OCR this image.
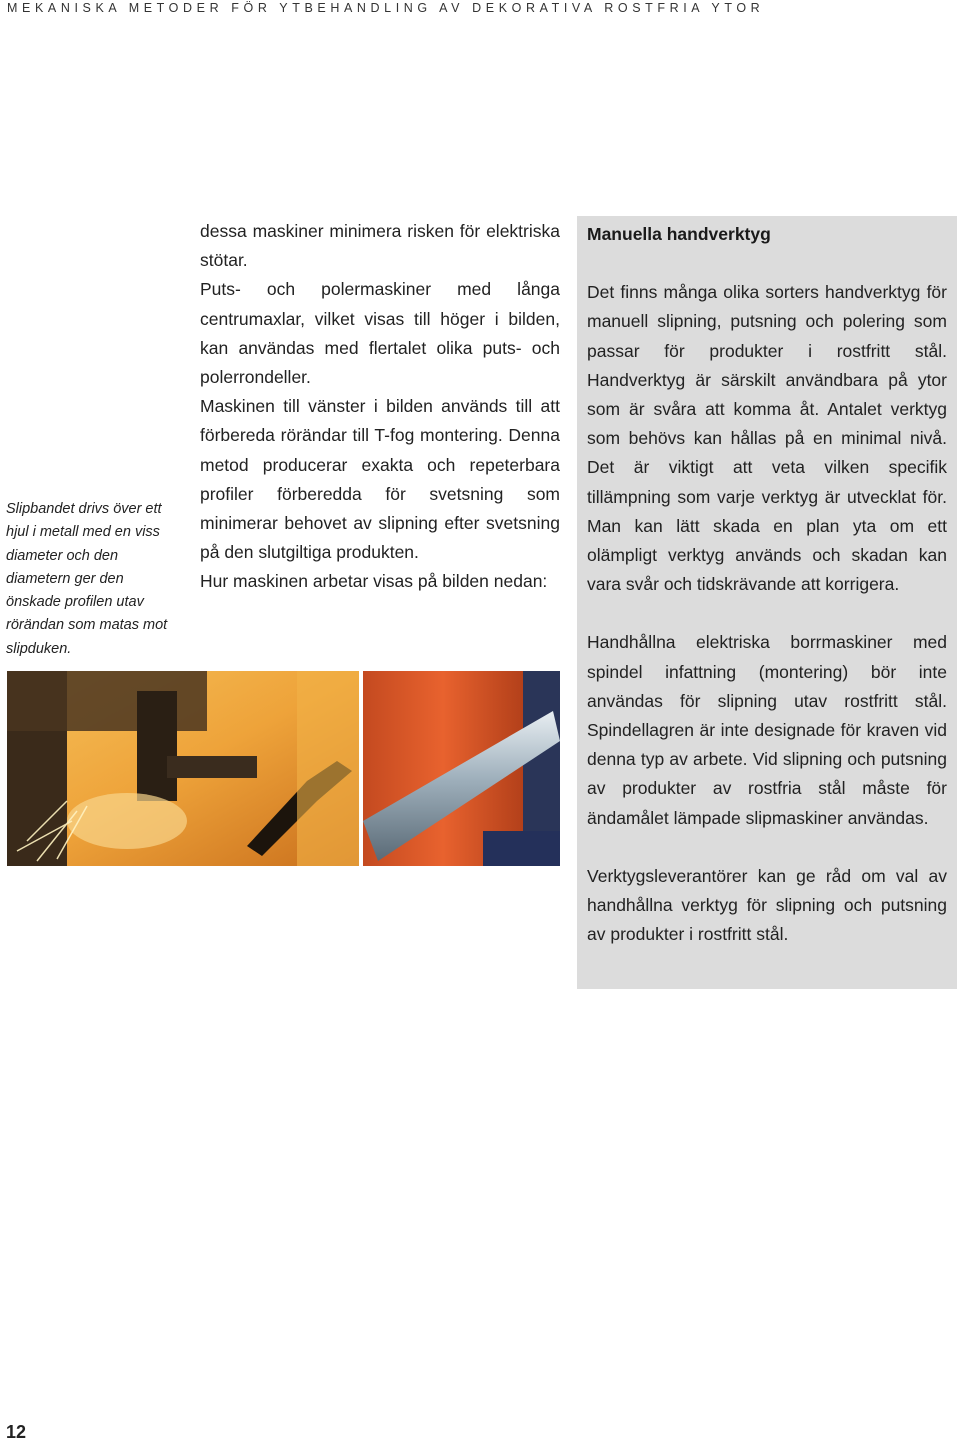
MEKANISKA METODER FÖR YTBEHANDLING AV DEKORATIVA ROSTFRIA YTOR

Slipbandet drivs över ett hjul i metall med en viss diameter och den diametern ger den önskade profilen utav rörändan som matas mot slipduken.

dessa maskiner minimera risken för elektriska stötar.

Puts- och polermaskiner med långa centrumaxlar, vilket visas till höger i bilden, kan användas med flertalet olika puts- och polerrondeller.

Maskinen till vänster i bilden används till att förbereda rörändar till T-fog montering. Denna metod producerar exakta och repeterbara profiler förberedda för svetsning som minimerar behovet av slipning efter svetsning på den slutgiltiga produkten.

Hur maskinen arbetar visas på bilden nedan:

Manuella handverktyg

Det finns många olika sorters handverktyg för manuell slipning, putsning och polering som passar för produkter i rostfritt stål. Handverktyg är särskilt användbara på ytor som är svåra att komma åt. Antalet verktyg som behövs kan hållas på en minimal nivå. Det är viktigt att veta vilken specifik tillämpning som varje verktyg är utvecklat för. Man kan lätt skada en plan yta om ett olämpligt verktyg används och skadan kan vara svår och tidskrävande att korrigera.

Handhållna elektriska borrmaskiner med spindel infattning (montering) bör inte användas för slipning utav rostfritt stål. Spindellagren är inte designade för kraven vid denna typ av arbete. Vid slipning och putsning av produkter av rostfria stål måste för ändamålet lämpade slipmaskiner användas.

Verktygsleverantörer kan ge råd om val av handhållna verktyg för slipning och putsning av produkter i rostfritt stål.

12
